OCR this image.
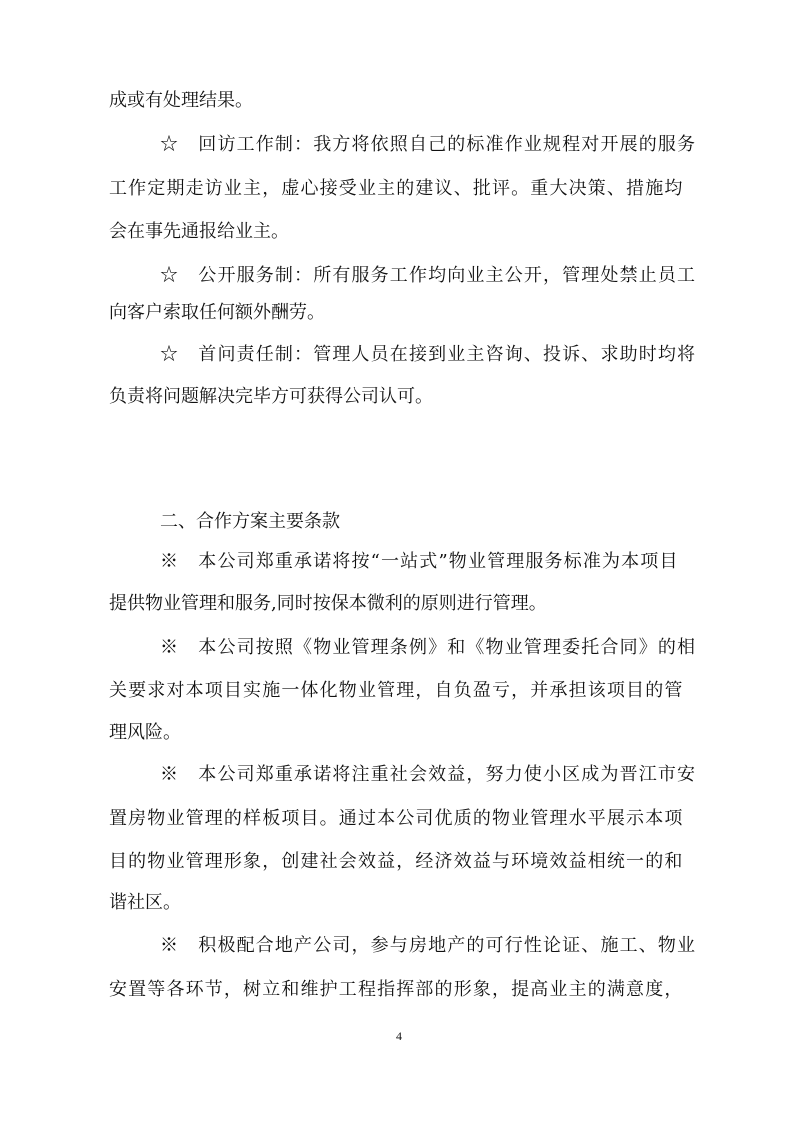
成或有处理结果。
☆　回访工作制：我方将依照自己的标准作业规程对开展的服务
工作定期走访业主，虚心接受业主的建议、批评。重大决策、措施均
会在事先通报给业主。
☆　公开服务制：所有服务工作均向业主公开，管理处禁止员工
向客户索取任何额外酬劳。
☆　首问责任制：管理人员在接到业主咨询、投诉、求助时均将
负责将问题解决完毕方可获得公司认可。
二、合作方案主要条款
※　本公司郑重承诺将按“一站式”物业管理服务标准为本项目
提供物业管理和服务,同时按保本微利的原则进行管理。
※　本公司按照《物业管理条例》和《物业管理委托合同》的相
关要求对本项目实施一体化物业管理，自负盈亏，并承担该项目的管
理风险。
※　本公司郑重承诺将注重社会效益，努力使小区成为晋江市安
置房物业管理的样板项目。通过本公司优质的物业管理水平展示本项
目的物业管理形象，创建社会效益，经济效益与环境效益相统一的和
谐社区。
※　积极配合地产公司，参与房地产的可行性论证、施工、物业
安置等各环节，树立和维护工程指挥部的形象，提高业主的满意度，
4
